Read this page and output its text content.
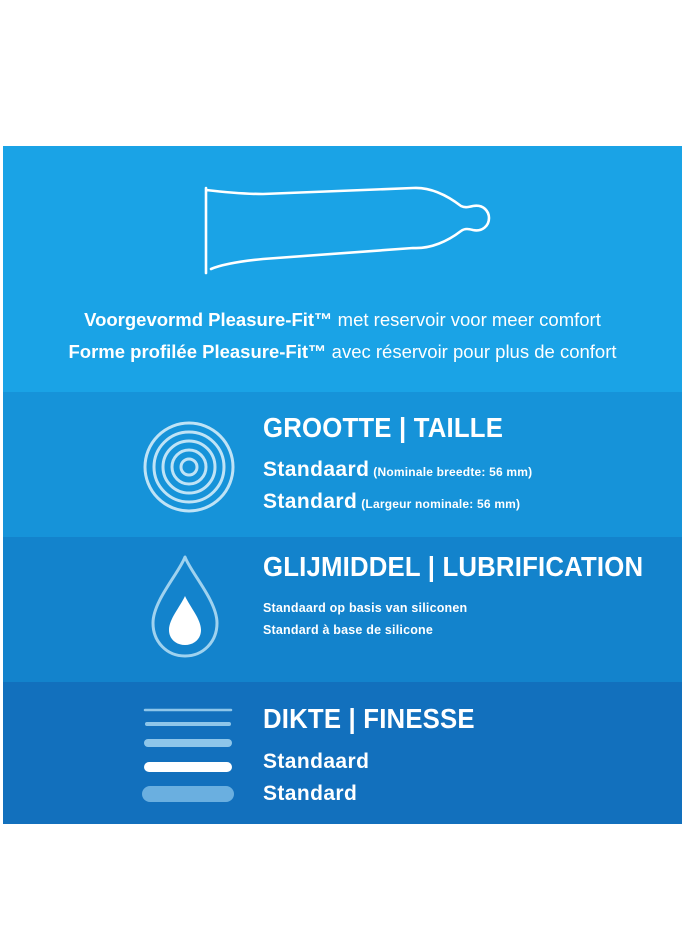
Voorgevormd Pleasure-Fit™ met reservoir voor meer comfort
Forme profilée Pleasure-Fit™ avec réservoir pour plus de confort
GROOTTE | TAILLE
Standaard (Nominale breedte: 56 mm)
Standard (Largeur nominale: 56 mm)
GLIJMIDDEL | LUBRIFICATION
Standaard op basis van siliconen
Standard à base de silicone
DIKTE | FINESSE
Standaard
Standard
